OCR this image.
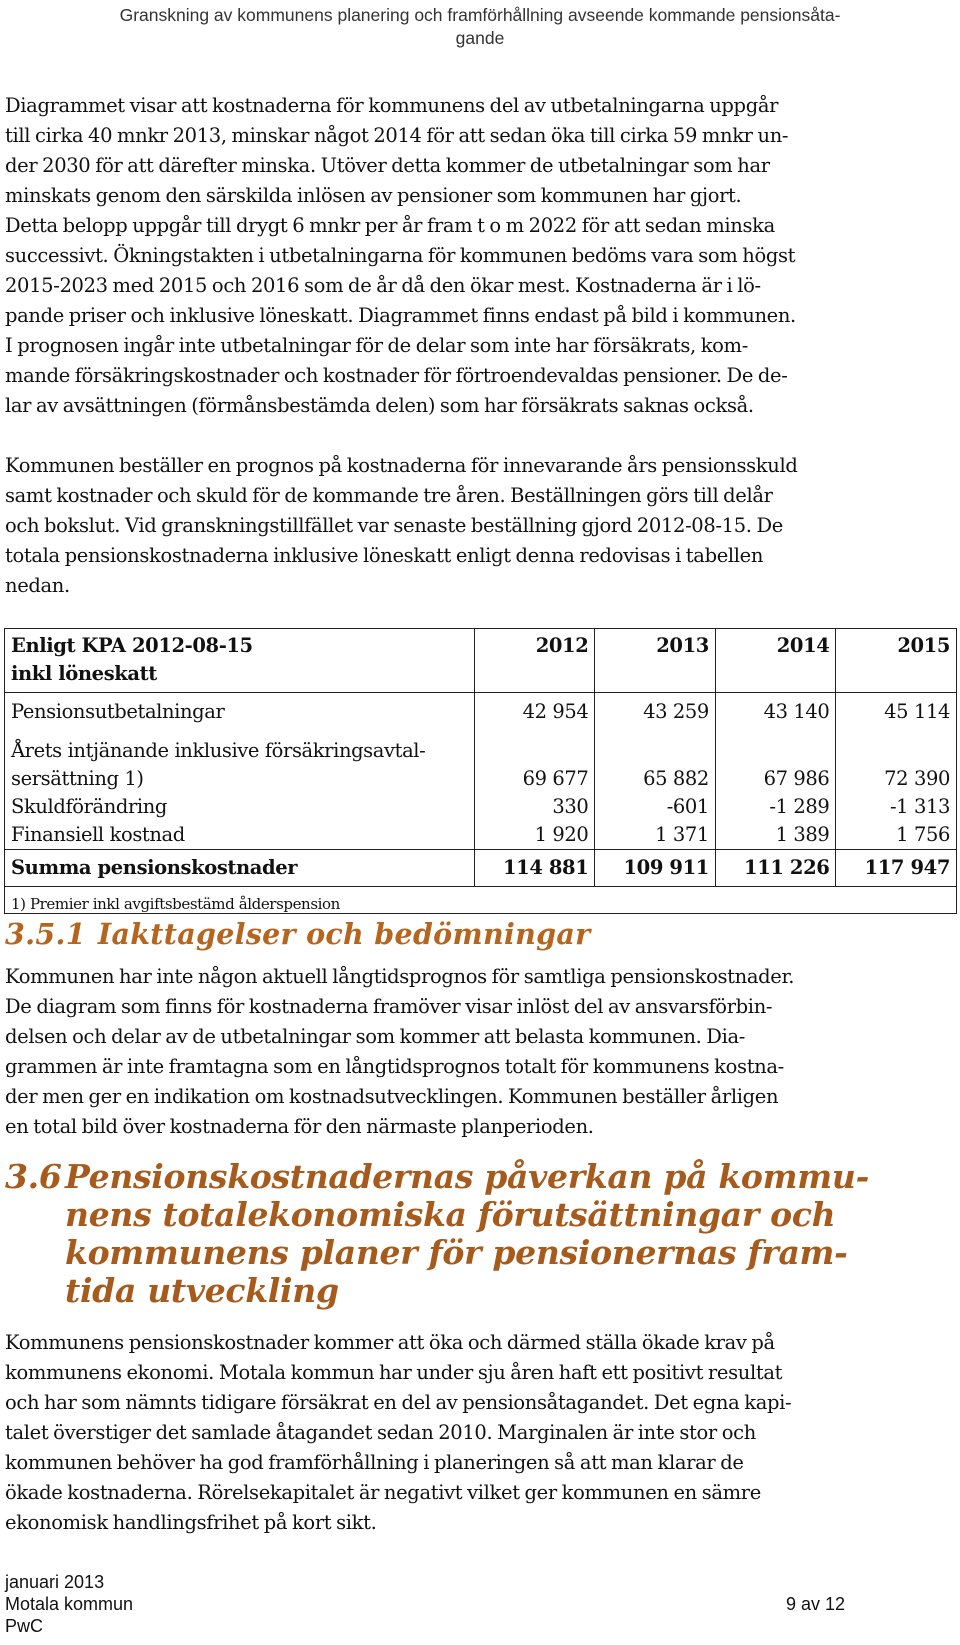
Granskning av kommunens planering och framförhållning avseende kommande pensionsåta-
gande

Diagrammet visar att kostnaderna för kommunens del av utbetalningarna uppgår
till cirka 40 mnkr 2013, minskar något 2014 för att sedan öka till cirka 59 mnkr un-
der 2030 för att därefter minska. Utöver detta kommer de utbetalningar som har
minskats genom den särskilda inlösen av pensioner som kommunen har gjort.
Detta belopp uppgår till drygt 6 mnkr per år fram t o m 2022 för att sedan minska
successivt. Ökningstakten i utbetalningarna för kommunen bedöms vara som högst
2015-2023 med 2015 och 2016 som de år då den ökar mest. Kostnaderna är i lö-
pande priser och inklusive löneskatt. Diagrammet finns endast på bild i kommunen.
I prognosen ingår inte utbetalningar för de delar som inte har försäkrats, kom-
mande försäkringskostnader och kostnader för förtroendevaldas pensioner. De de-
lar av avsättningen (förmånsbestämda delen) som har försäkrats saknas också.

Kommunen beställer en prognos på kostnaderna för innevarande års pensionsskuld
samt kostnader och skuld för de kommande tre åren. Beställningen görs till delår
och bokslut. Vid granskningstillfället var senaste beställning gjord 2012-08-15. De
totala pensionskostnaderna inklusive löneskatt enligt denna redovisas i tabellen
nedan.

Enligt KPA 2012-08-15
inkl löneskatt	2012	2013	2014	2015
Pensionsutbetalningar	42 954	43 259	43 140	45 114

Årets intjänande inklusive försäkringsavtal-
sersättning 1)	69 677	65 882	67 986	72 390
Skuldförändring	330	-601	-1 289	-1 313
Finansiell kostnad	1 920	1 371	1 389	1 756
Summa pensionskostnader	114 881	109 911	111 226	117 947
1) Premier inkl avgiftsbestämd ålderspension				
3.5.1 Iakttagelser och bedömningar

Kommunen har inte någon aktuell långtidsprognos för samtliga pensionskostnader.
De diagram som finns för kostnaderna framöver visar inlöst del av ansvarsförbin-
delsen och delar av de utbetalningar som kommer att belasta kommunen. Dia-
grammen är inte framtagna som en långtidsprognos totalt för kommunens kostna-
der men ger en indikation om kostnadsutvecklingen. Kommunen beställer årligen
en total bild över kostnaderna för den närmaste planperioden.

3.6 Pensionskostnadernas påverkan på kommu-
nens totalekonomiska förutsättningar och
kommunens planer för pensionernas fram-
tida utveckling

Kommunens pensionskostnader kommer att öka och därmed ställa ökade krav på
kommunens ekonomi. Motala kommun har under sju åren haft ett positivt resultat
och har som nämnts tidigare försäkrat en del av pensionsåtagandet. Det egna kapi-
talet överstiger det samlade åtagandet sedan 2010. Marginalen är inte stor och
kommunen behöver ha god framförhållning i planeringen så att man klarar de
ökade kostnaderna. Rörelsekapitalet är negativt vilket ger kommunen en sämre
ekonomisk handlingsfrihet på kort sikt.

januari 2013
Motala kommun
PwC
9 av 12
